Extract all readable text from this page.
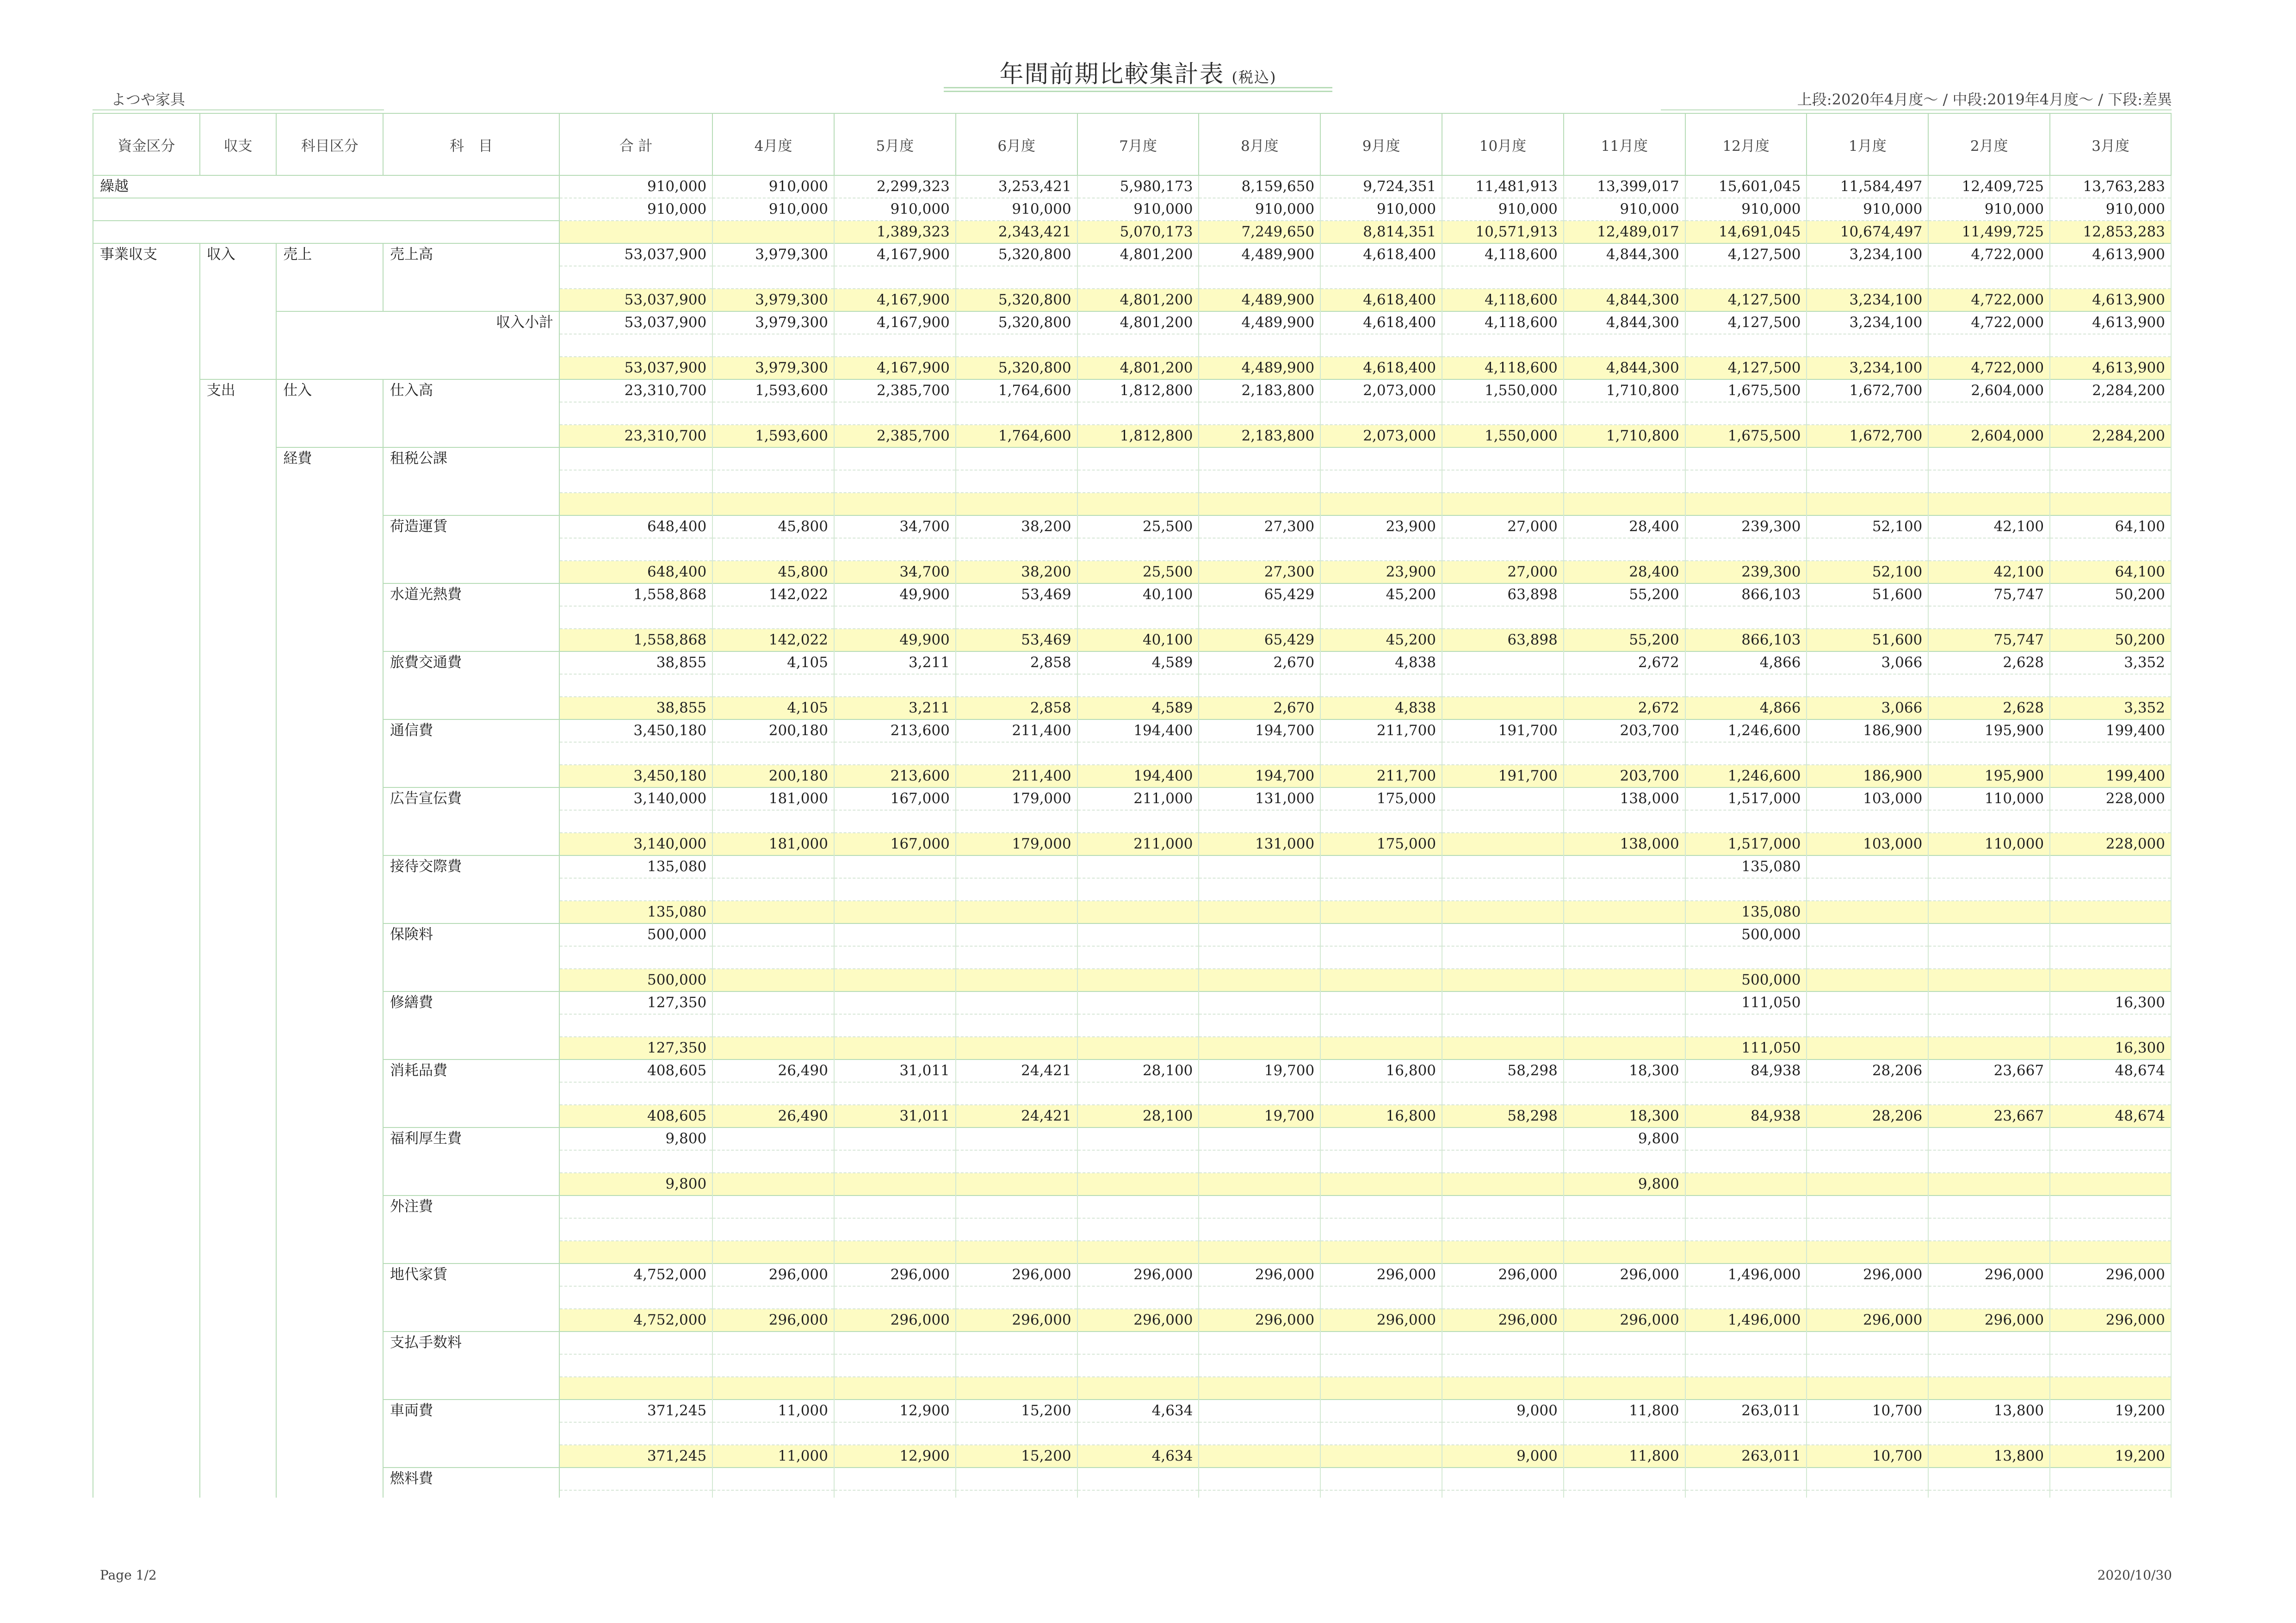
年間前期比較集計表 (税込)
よつや家具	上段:2020年4月度～ / 中段:2019年4月度～ / 下段:差異
資金区分	収支	科目区分	科　目	合 計	4月度	5月度	6月度	7月度	8月度	9月度	10月度	11月度	12月度	1月度	2月度	3月度
繰越				910,000	910,000	2,299,323	3,253,421	5,980,173	8,159,650	9,724,351	11,481,913	13,399,017	15,601,045	11,584,497	12,409,725	13,763,283
				910,000	910,000	910,000	910,000	910,000	910,000	910,000	910,000	910,000	910,000	910,000	910,000	910,000
						1,389,323	2,343,421	5,070,173	7,249,650	8,814,351	10,571,913	12,489,017	14,691,045	10,674,497	11,499,725	12,853,283
事業収支	収入	売上	売上高	53,037,900	3,979,300	4,167,900	5,320,800	4,801,200	4,489,900	4,618,400	4,118,600	4,844,300	4,127,500	3,234,100	4,722,000	4,613,900

				53,037,900	3,979,300	4,167,900	5,320,800	4,801,200	4,489,900	4,618,400	4,118,600	4,844,300	4,127,500	3,234,100	4,722,000	4,613,900
		収入小計		53,037,900	3,979,300	4,167,900	5,320,800	4,801,200	4,489,900	4,618,400	4,118,600	4,844,300	4,127,500	3,234,100	4,722,000	4,613,900

				53,037,900	3,979,300	4,167,900	5,320,800	4,801,200	4,489,900	4,618,400	4,118,600	4,844,300	4,127,500	3,234,100	4,722,000	4,613,900
	支出	仕入	仕入高	23,310,700	1,593,600	2,385,700	1,764,600	1,812,800	2,183,800	2,073,000	1,550,000	1,710,800	1,675,500	1,672,700	2,604,000	2,284,200

				23,310,700	1,593,600	2,385,700	1,764,600	1,812,800	2,183,800	2,073,000	1,550,000	1,710,800	1,675,500	1,672,700	2,604,000	2,284,200
		経費	租税公課													

			荷造運賃	648,400	45,800	34,700	38,200	25,500	27,300	23,900	27,000	28,400	239,300	52,100	42,100	64,100

				648,400	45,800	34,700	38,200	25,500	27,300	23,900	27,000	28,400	239,300	52,100	42,100	64,100
			水道光熱費	1,558,868	142,022	49,900	53,469	40,100	65,429	45,200	63,898	55,200	866,103	51,600	75,747	50,200

				1,558,868	142,022	49,900	53,469	40,100	65,429	45,200	63,898	55,200	866,103	51,600	75,747	50,200
			旅費交通費	38,855	4,105	3,211	2,858	4,589	2,670	4,838		2,672	4,866	3,066	2,628	3,352

				38,855	4,105	3,211	2,858	4,589	2,670	4,838		2,672	4,866	3,066	2,628	3,352
			通信費	3,450,180	200,180	213,600	211,400	194,400	194,700	211,700	191,700	203,700	1,246,600	186,900	195,900	199,400

				3,450,180	200,180	213,600	211,400	194,400	194,700	211,700	191,700	203,700	1,246,600	186,900	195,900	199,400
			広告宣伝費	3,140,000	181,000	167,000	179,000	211,000	131,000	175,000		138,000	1,517,000	103,000	110,000	228,000

				3,140,000	181,000	167,000	179,000	211,000	131,000	175,000		138,000	1,517,000	103,000	110,000	228,000
			接待交際費	135,080									135,080			

				135,080									135,080			
			保険料	500,000									500,000			

				500,000									500,000			
			修繕費	127,350									111,050			16,300

				127,350									111,050			16,300
			消耗品費	408,605	26,490	31,011	24,421	28,100	19,700	16,800	58,298	18,300	84,938	28,206	23,667	48,674

				408,605	26,490	31,011	24,421	28,100	19,700	16,800	58,298	18,300	84,938	28,206	23,667	48,674
			福利厚生費	9,800								9,800				

				9,800								9,800				
			外注費													

			地代家賃	4,752,000	296,000	296,000	296,000	296,000	296,000	296,000	296,000	296,000	1,496,000	296,000	296,000	296,000

				4,752,000	296,000	296,000	296,000	296,000	296,000	296,000	296,000	296,000	1,496,000	296,000	296,000	296,000
			支払手数料													

			車両費	371,245	11,000	12,900	15,200	4,634			9,000	11,800	263,011	10,700	13,800	19,200

				371,245	11,000	12,900	15,200	4,634			9,000	11,800	263,011	10,700	13,800	19,200
			燃料費													

Page 1/2	2020/10/30
